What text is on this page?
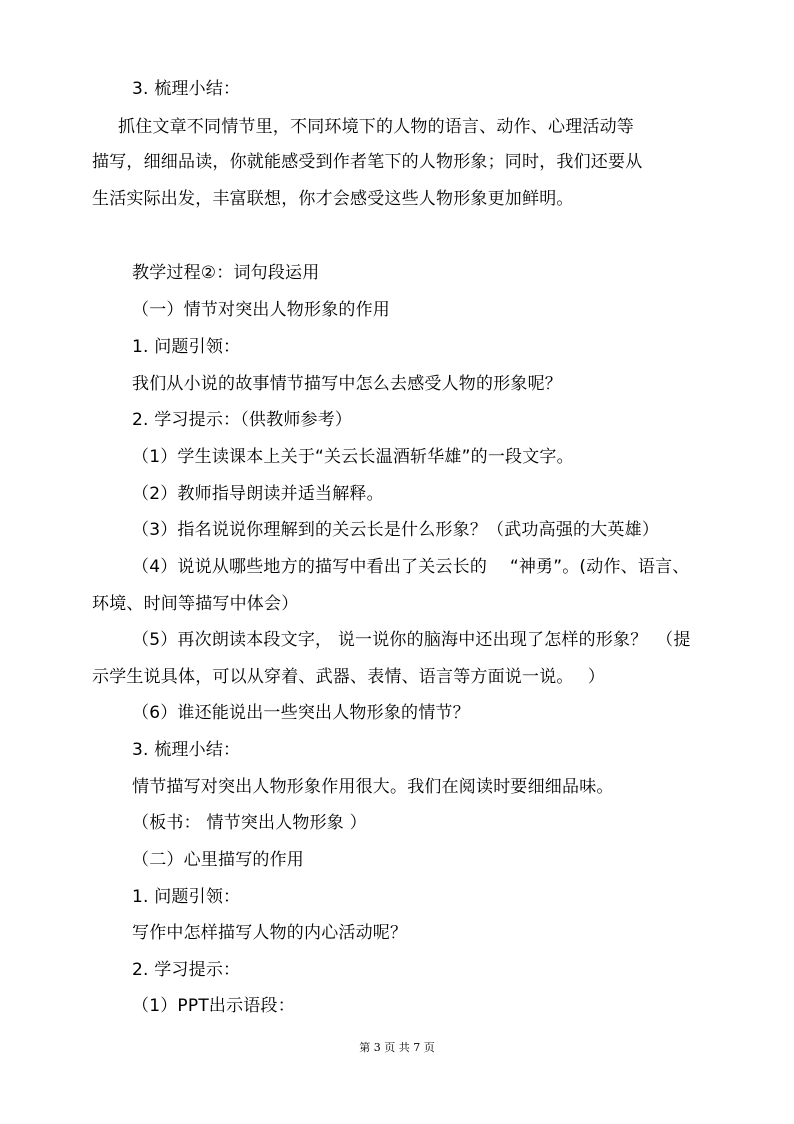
3. 梳理小结：
抓住文章不同情节里，不同环境下的人物的语言、动作、心理活动等
描写，细细品读，你就能感受到作者笔下的人物形象；同时，我们还要从
生活实际出发，丰富联想，你才会感受这些人物形象更加鲜明。
教学过程②：词句段运用
（一）情节对突出人物形象的作用
1. 问题引领：
我们从小说的故事情节描写中怎么去感受人物的形象呢？
2. 学习提示：（供教师参考）
（1）学生读课本上关于“关云长温酒斩华雄”的一段文字。
（2）教师指导朗读并适当解释。
（3）指名说说你理解到的关云长是什么形象？（武功高强的大英雄）
（4）说说从哪些地方的描写中看出了关云长的　 “神勇”。(动作、语言、
环境、时间等描写中体会）
（5）再次朗读本段文字， 说一说你的脑海中还出现了怎样的形象？　（提
示学生说具体，可以从穿着、武器、表情、语言等方面说一说。　 ）
（6）谁还能说出一些突出人物形象的情节？
3. 梳理小结：
情节描写对突出人物形象作用很大。我们在阅读时要细细品味。
（板书： 情节突出人物形象 ）
（二）心里描写的作用
1. 问题引领：
写作中怎样描写人物的内心活动呢？
2. 学习提示：
（1）PPT出示语段：
第 3 页 共 7 页
